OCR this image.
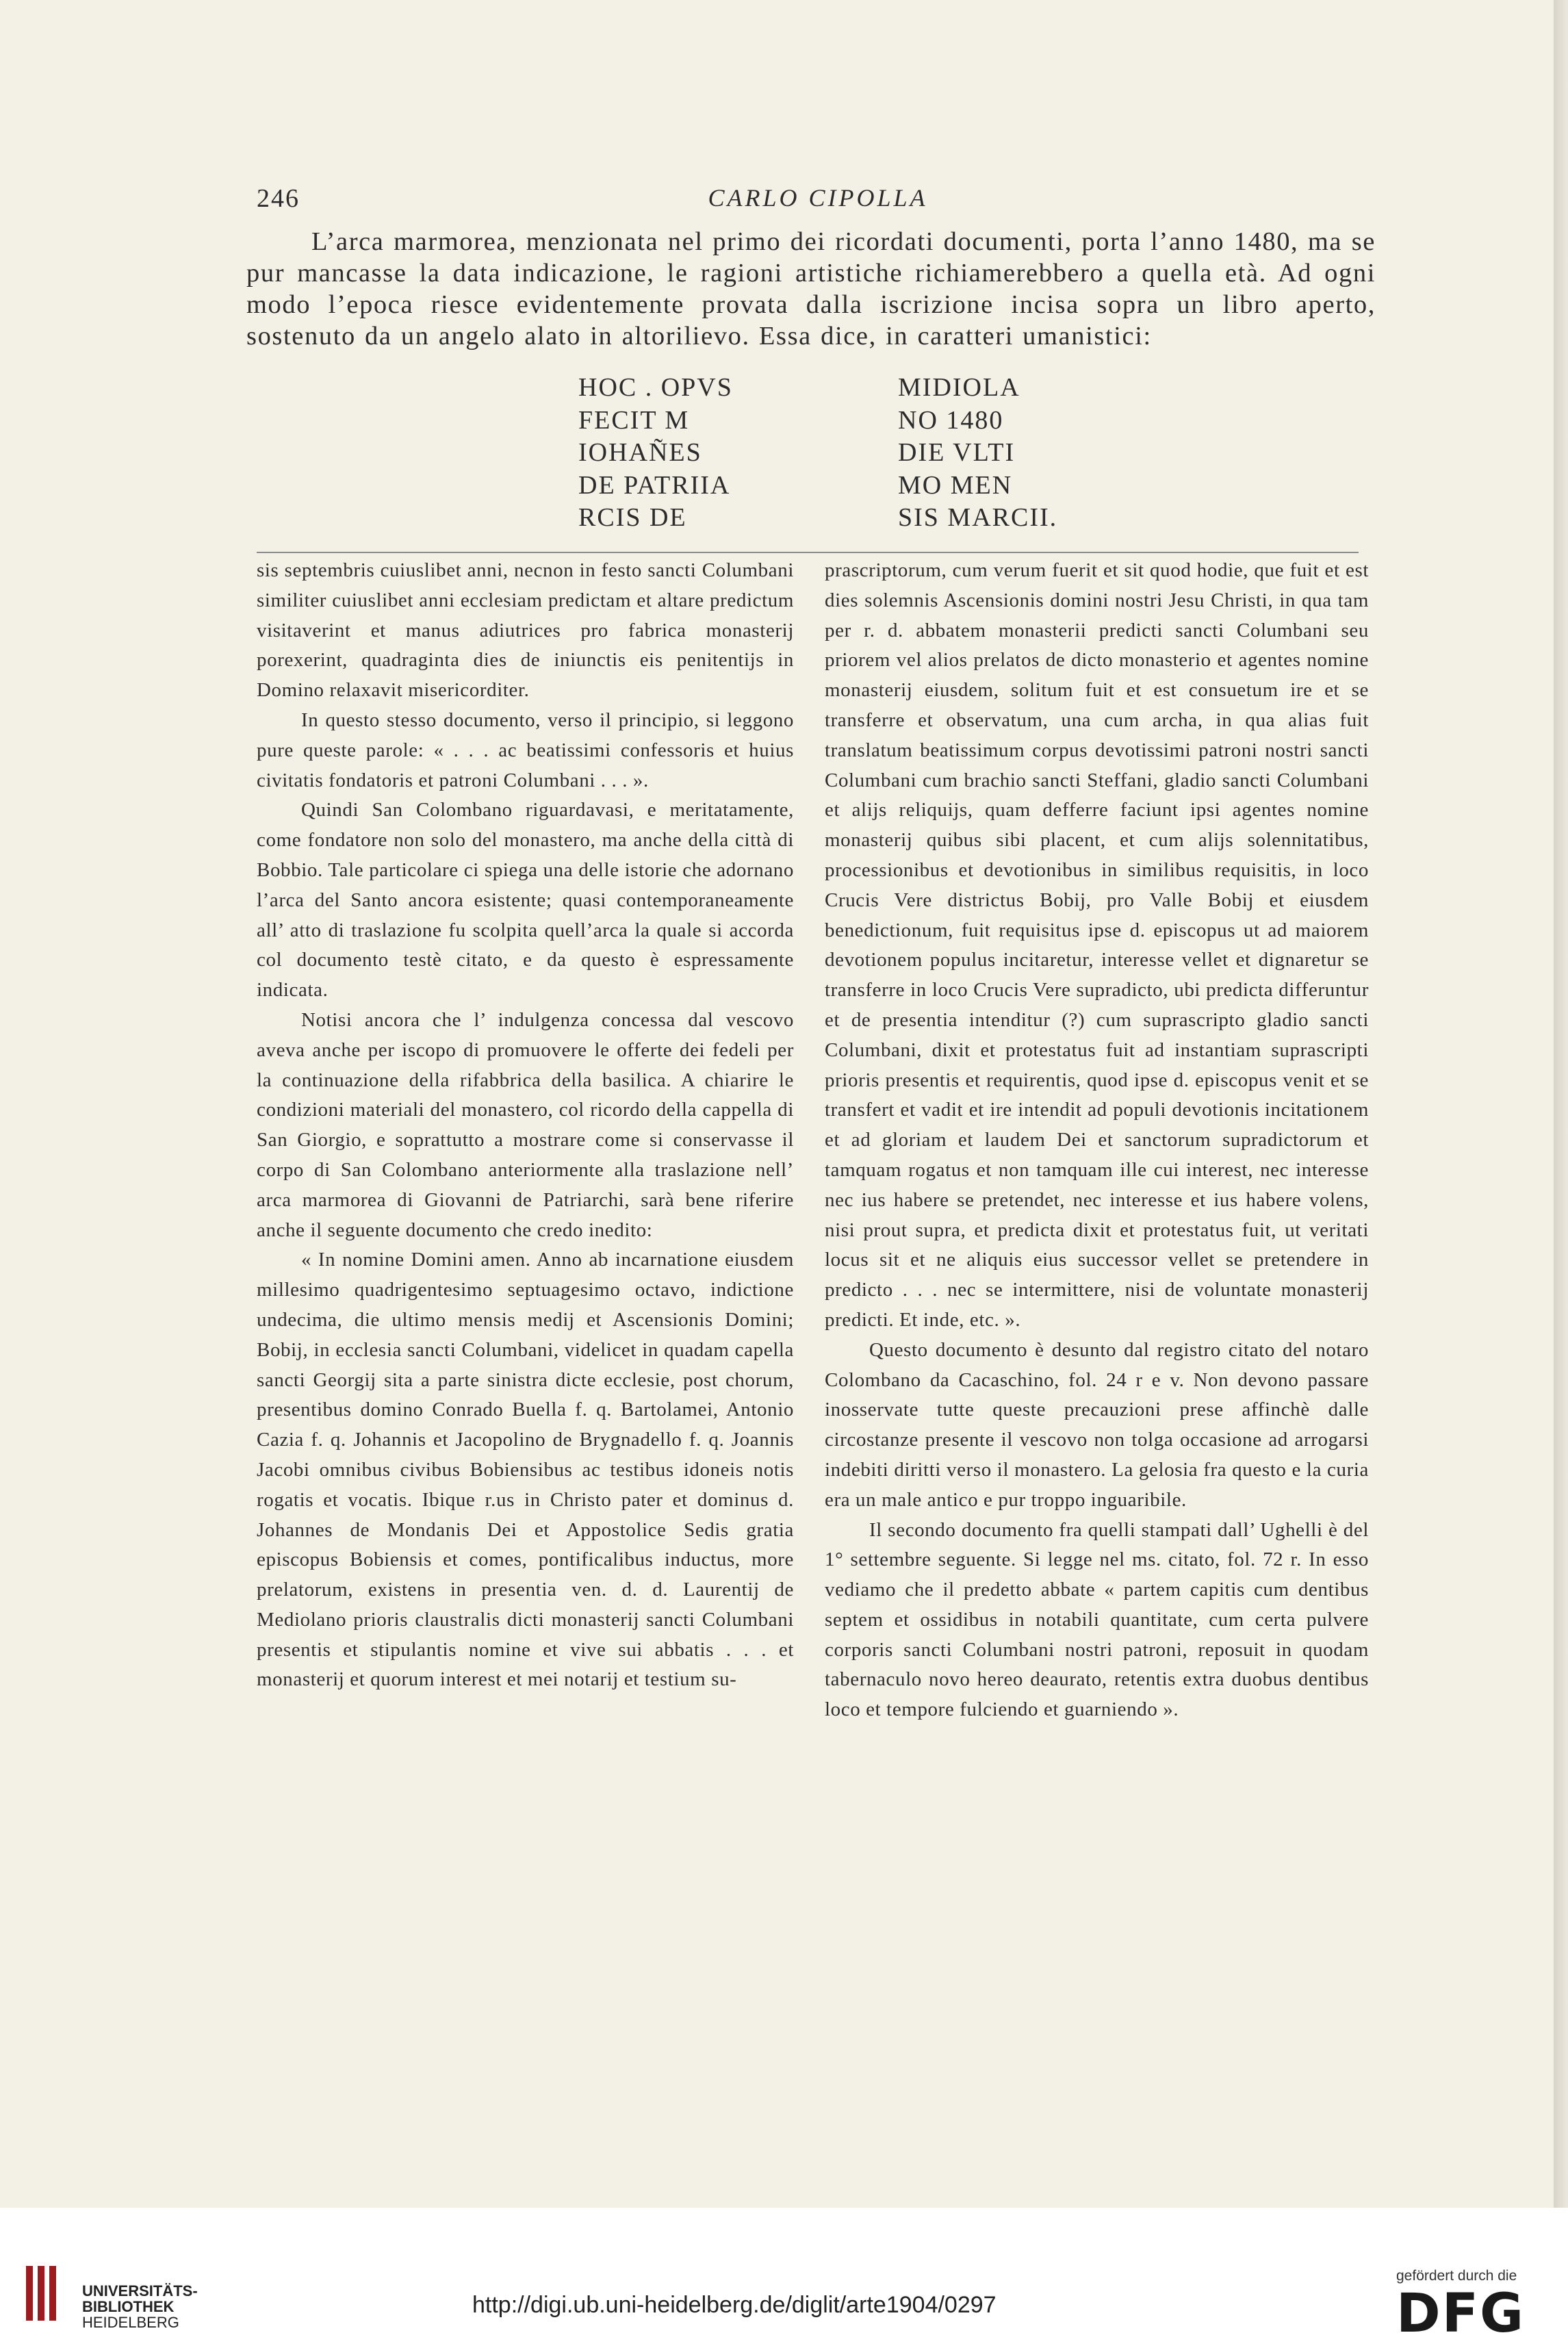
246	CARLO CIPOLLA

L’arca marmorea, menzionata nel primo dei ricordati documenti, porta l’anno 1480, ma se pur mancasse la data indicazione, le ragioni artistiche richiamerebbero a quella età. Ad ogni modo l’epoca riesce evidentemente provata dalla iscrizione incisa sopra un libro aperto, sostenuto da un angelo alato in altorilievo. Essa dice, in caratteri umanistici:

HOC . OPVS
FECIT M
IOHAÑES
DE PATRIIA
RCIS DE
MIDIOLA
NO 1480
DIE VLTI
MO MEN
SIS MARCII.

sis septembris cuiuslibet anni, necnon in festo sancti Columbani similiter cuiuslibet anni ecclesiam predictam et altare predictum visitaverint et manus adiutrices pro fabrica monasterij porexerint, quadraginta dies de iniunctis eis penitentijs in Domino relaxavit misericorditer.

In questo stesso documento, verso il principio, si leggono pure queste parole: « . . . ac beatissimi confessoris et huius civitatis fondatoris et patroni Columbani . . . ».

Quindi San Colombano riguardavasi, e meritatamente, come fondatore non solo del monastero, ma anche della città di Bobbio. Tale particolare ci spiega una delle istorie che adornano l’arca del Santo ancora esistente; quasi contemporaneamente all’ atto di traslazione fu scolpita quell’arca la quale si accorda col documento testè citato, e da questo è espressamente indicata.

Notisi ancora che l’ indulgenza concessa dal vescovo aveva anche per iscopo di promuovere le offerte dei fedeli per la continuazione della rifabbrica della basilica. A chiarire le condizioni materiali del monastero, col ricordo della cappella di San Giorgio, e soprattutto a mostrare come si conservasse il corpo di San Colombano anteriormente alla traslazione nell’ arca marmorea di Giovanni de Patriarchi, sarà bene riferire anche il seguente documento che credo inedito:

« In nomine Domini amen. Anno ab incarnatione eiusdem millesimo quadrigentesimo septuagesimo octavo, indictione undecima, die ultimo mensis medij et Ascensionis Domini; Bobij, in ecclesia sancti Columbani, videlicet in quadam capella sancti Georgij sita a parte sinistra dicte ecclesie, post chorum, presentibus domino Conrado Buella f. q. Bartolamei, Antonio Cazia f. q. Johannis et Jacopolino de Brygnadello f. q. Joannis Jacobi omnibus civibus Bobiensibus ac testibus idoneis notis rogatis et vocatis. Ibique r.us in Christo pater et dominus d. Johannes de Mondanis Dei et Appostolice Sedis gratia episcopus Bobiensis et comes, pontificalibus inductus, more prelatorum, existens in presentia ven. d. d. Laurentij de Mediolano prioris claustralis dicti monasterij sancti Columbani presentis et stipulantis nomine et vive sui abbatis . . . et monasterij et quorum interest et mei notarij et testium su-

prascriptorum, cum verum fuerit et sit quod hodie, que fuit et est dies solemnis Ascensionis domini nostri Jesu Christi, in qua tam per r. d. abbatem monasterii predicti sancti Columbani seu priorem vel alios prelatos de dicto monasterio et agentes nomine monasterij eiusdem, solitum fuit et est consuetum ire et se transferre et observatum, una cum archa, in qua alias fuit translatum beatissimum corpus devotissimi patroni nostri sancti Columbani cum brachio sancti Steffani, gladio sancti Columbani et alijs reliquijs, quam defferre faciunt ipsi agentes nomine monasterij quibus sibi placent, et cum alijs solennitatibus, processionibus et devotionibus in similibus requisitis, in loco Crucis Vere districtus Bobij, pro Valle Bobij et eiusdem benedictionum, fuit requisitus ipse d. episcopus ut ad maiorem devotionem populus incitaretur, interesse vellet et dignaretur se transferre in loco Crucis Vere supradicto, ubi predicta differuntur et de presentia intenditur (?) cum suprascripto gladio sancti Columbani, dixit et protestatus fuit ad instantiam suprascripti prioris presentis et requirentis, quod ipse d. episcopus venit et se transfert et vadit et ire intendit ad populi devotionis incitationem et ad gloriam et laudem Dei et sanctorum supradictorum et tamquam rogatus et non tamquam ille cui interest, nec interesse nec ius habere se pretendet, nec interesse et ius habere volens, nisi prout supra, et predicta dixit et protestatus fuit, ut veritati locus sit et ne aliquis eius successor vellet se pretendere in predicto . . . nec se intermittere, nisi de voluntate monasterij predicti. Et inde, etc. ».

Questo documento è desunto dal registro citato del notaro Colombano da Cacaschino, fol. 24 r e v. Non devono passare inosservate tutte queste precauzioni prese affinchè dalle circostanze presente il vescovo non tolga occasione ad arrogarsi indebiti diritti verso il monastero. La gelosia fra questo e la curia era un male antico e pur troppo inguaribile.

Il secondo documento fra quelli stampati dall’ Ughelli è del 1° settembre seguente. Si legge nel ms. citato, fol. 72 r. In esso vediamo che il predetto abbate « partem capitis cum dentibus septem et ossidibus in notabili quantitate, cum certa pulvere corporis sancti Columbani nostri patroni, reposuit in quodam tabernaculo novo hereo deaurato, retentis extra duobus dentibus loco et tempore fulciendo et guarniendo ».

UNIVERSITÄTS-
BIBLIOTHEK
HEIDELBERG
http://digi.ub.uni-heidelberg.de/diglit/arte1904/0297
gefördert durch die
DFG
